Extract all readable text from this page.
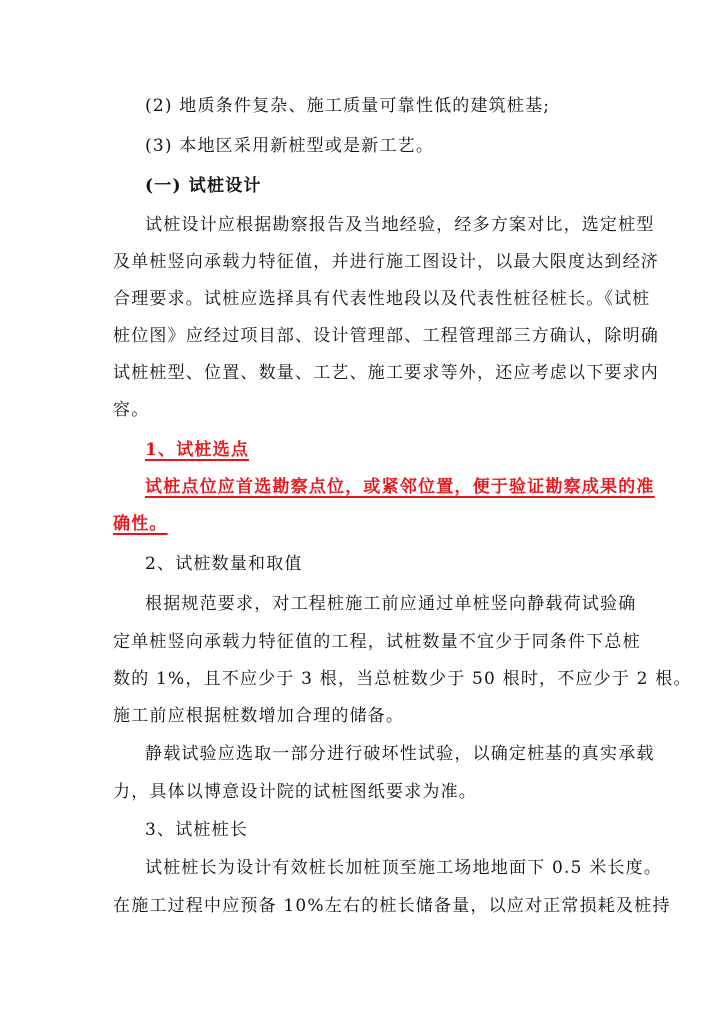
(2) 地质条件复杂、施工质量可靠性低的建筑桩基;
(3) 本地区采用新桩型或是新工艺。
(一) 试桩设计
试桩设计应根据勘察报告及当地经验，经多方案对比，选定桩型
及单桩竖向承载力特征值，并进行施工图设计，以最大限度达到经济
合理要求。试桩应选择具有代表性地段以及代表性桩径桩长。《试桩
桩位图》应经过项目部、设计管理部、工程管理部三方确认，除明确
试桩桩型、位置、数量、工艺、施工要求等外，还应考虑以下要求内
容。
1、试桩选点
试桩点位应首选勘察点位，或紧邻位置，便于验证勘察成果的准
确性。
2、试桩数量和取值
根据规范要求，对工程桩施工前应通过单桩竖向静载荷试验确
定单桩竖向承载力特征值的工程，试桩数量不宜少于同条件下总桩
数的 1%，且不应少于 3 根，当总桩数少于 50 根时，不应少于 2 根。
施工前应根据桩数增加合理的储备。
静载试验应选取一部分进行破坏性试验，以确定桩基的真实承载
力，具体以博意设计院的试桩图纸要求为准。
3、试桩桩长
试桩桩长为设计有效桩长加桩顶至施工场地地面下 0.5 米长度。
在施工过程中应预备 10%左右的桩长储备量，以应对正常损耗及桩持
